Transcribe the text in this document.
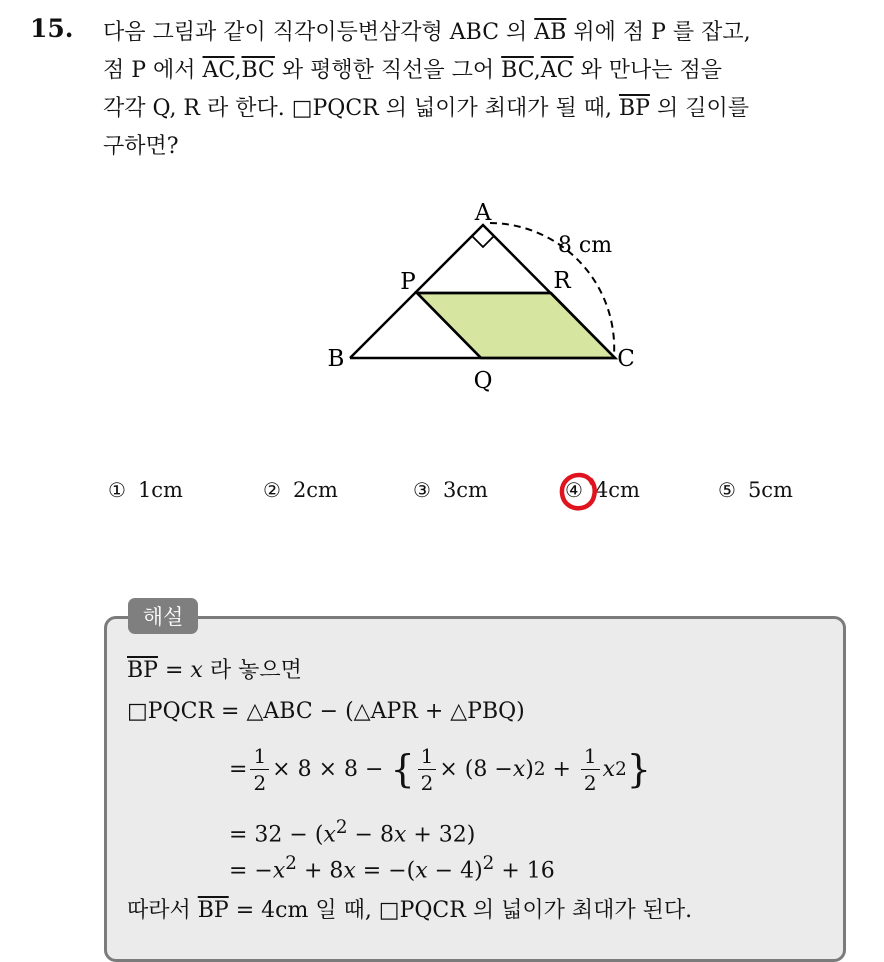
15. 다음 그림과 같이 직각이등변삼각형 ABC 의 $\overline{AB}$ 위에 점 P 를 잡고,
점 P 에서 $\overline{AC},\overline{BC}$ 와 평행한 직선을 그어 $\overline{BC},\overline{AC}$ 와 만나는 점을
각각 Q, R 라 한다. □PQCR 의 넓이가 최대가 될 때, $\overline{BP}$ 의 길이를
구하면?
A
B	C
P
Q
R
8 cm
① 1cm	② 2cm	③ 3cm	④ 4cm	⑤ 5cm
해설
$\overline{BP} = x$ 라 놓으면
□PQCR = △ABC − (△APR + △PBQ)
= $\frac{1}{2} \times 8 \times 8$ −
{ $\frac{1}{2} \times (8 - x$ ) $2 + \frac{1}{2}$ x 2 }
= $32 - (x^2 - 8x + 32)$
= $-x^2 + 8x = -(x - 4)^2 + 16$
따라서 $\overline{BP} = 4cm$ 일 때, □PQCR 의 넓이가 최대가 된다.
